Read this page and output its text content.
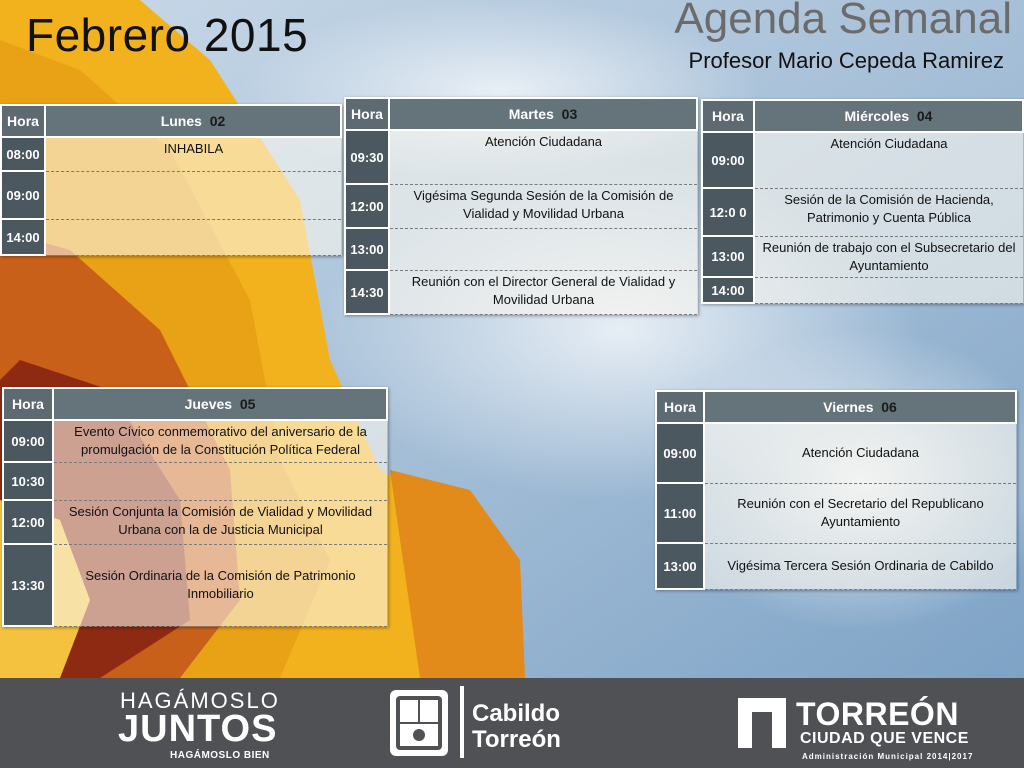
Febrero 2015	Agenda Semanal
Profesor Mario Cepeda Ramirez
Hora	Lunes 02
08:00	INHABILA
09:00	
14:00	
Hora	Martes 03
09:30	Atención Ciudadana
12:00	Vigésima Segunda Sesión de la Comisión de Vialidad y Movilidad Urbana
13:00	
14:30	Reunión con el Director General de Vialidad y Movilidad Urbana
Hora	Miércoles 04
09:00	Atención Ciudadana
12:0 0	Sesión de la Comisión de Hacienda, Patrimonio y Cuenta Pública
13:00	Reunión de trabajo con el Subsecretario del Ayuntamiento
14:00	
Hora	Jueves 05
09:00	Evento Cívico conmemorativo del aniversario de la promulgación de la Constitución Política Federal
10:30	
12:00	Sesión Conjunta la Comisión de Vialidad y Movilidad Urbana con la de Justicia Municipal
13:30	Sesión Ordinaria de la Comisión de Patrimonio Inmobiliario
Hora	Viernes 06
09:00	Atención Ciudadana
11:00	Reunión con el Secretario del Republicano Ayuntamiento
13:00	Vigésima Tercera Sesión Ordinaria de Cabildo
HAGÁMOSLO
JUNTOS
HAGÁMOSLO BIEN
Cabildo
Torreón
TORREÓN
CIUDAD QUE VENCE
Administración Municipal 2014|2017
